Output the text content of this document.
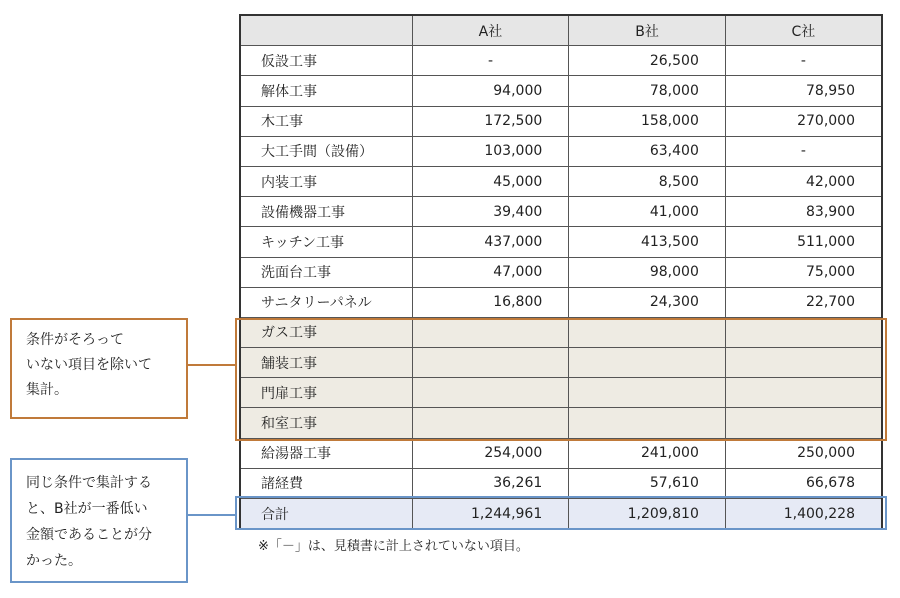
	A社	B社	C社
仮設工事	-	26,500	-
解体工事	94,000	78,000	78,950
木工事	172,500	158,000	270,000
大工手間（設備）	103,000	63,400	-
内装工事	45,000	8,500	42,000
設備機器工事	39,400	41,000	83,900
キッチン工事	437,000	413,500	511,000
洗面台工事	47,000	98,000	75,000
サニタリーパネル	16,800	24,300	22,700
ガス工事			
舗装工事			
門扉工事			
和室工事			
給湯器工事	254,000	241,000	250,000
諸経費	36,261	57,610	66,678
合計	1,244,961	1,209,810	1,400,228
条件がそろって
いない項目を除いて
集計。
同じ条件で集計する
と、B社が一番低い
金額であることが分
かった。
※「－」は、見積書に計上されていない項目。
